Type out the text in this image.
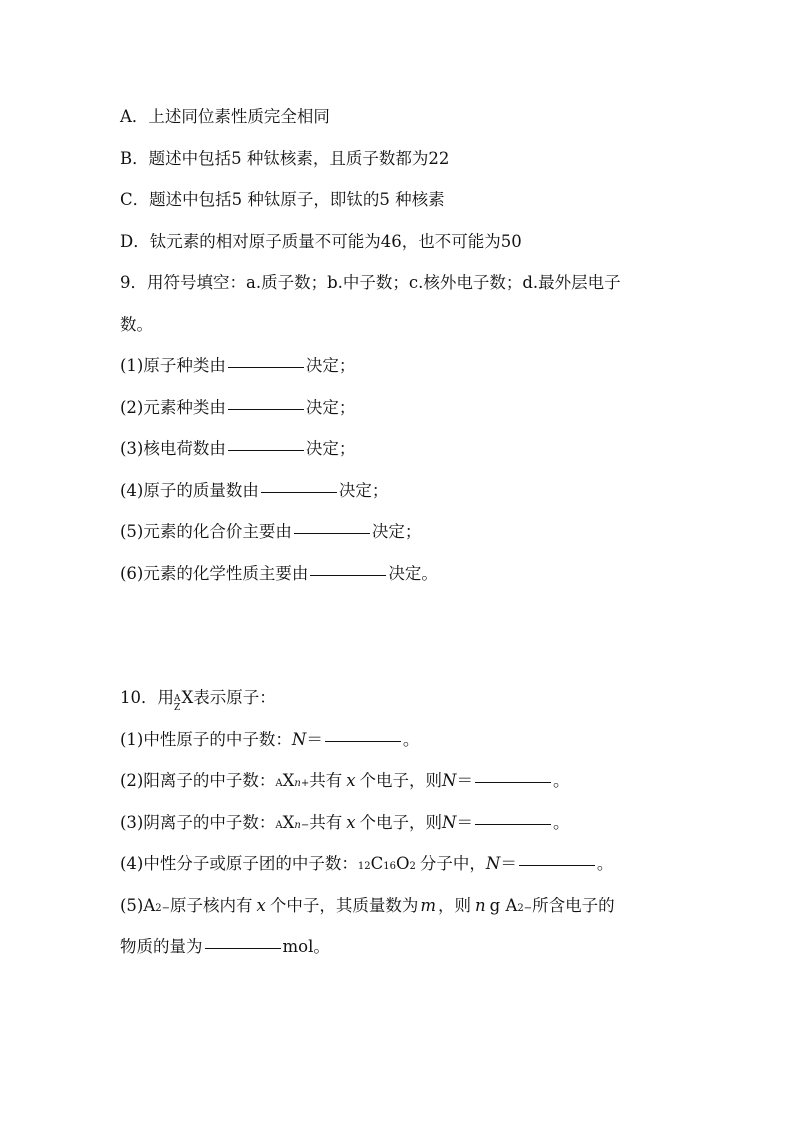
A．上述同位素性质完全相同
B．题述中包括5 种钛核素，且质子数都为22
C．题述中包括5 种钛原子，即钛的5 种核素
D．钛元素的相对原子质量不可能为46，也不可能为50
9．用符号填空：a.质子数；b.中子数；c.核外电子数；d.最外层电子
数。
(1)原子种类由	决定；
(2)元素种类由	决定；
(3)核电荷数由	决定；
(4)原子的质量数由	决定；
(5)元素的化合价主要由	决定；
(6)元素的化学性质主要由	决定。
10．用 A
Z
X 表示原子：
(1)中性原子的中子数： N ＝	。
(2)阳离子的中子数： A X n+ 共有 x 个电子，则 N ＝	。
(3)阴离子的中子数： A X n− 共有 x 个电子，则 N ＝	。
(4)中性分子或原子团的中子数： 12 C 16 O 2 分子中， N ＝	。
(5)A 2− 原子核内有 x 个中子，其质量数为 m ，则 n g A 2− 所含电子的
物质的量为	mol。
